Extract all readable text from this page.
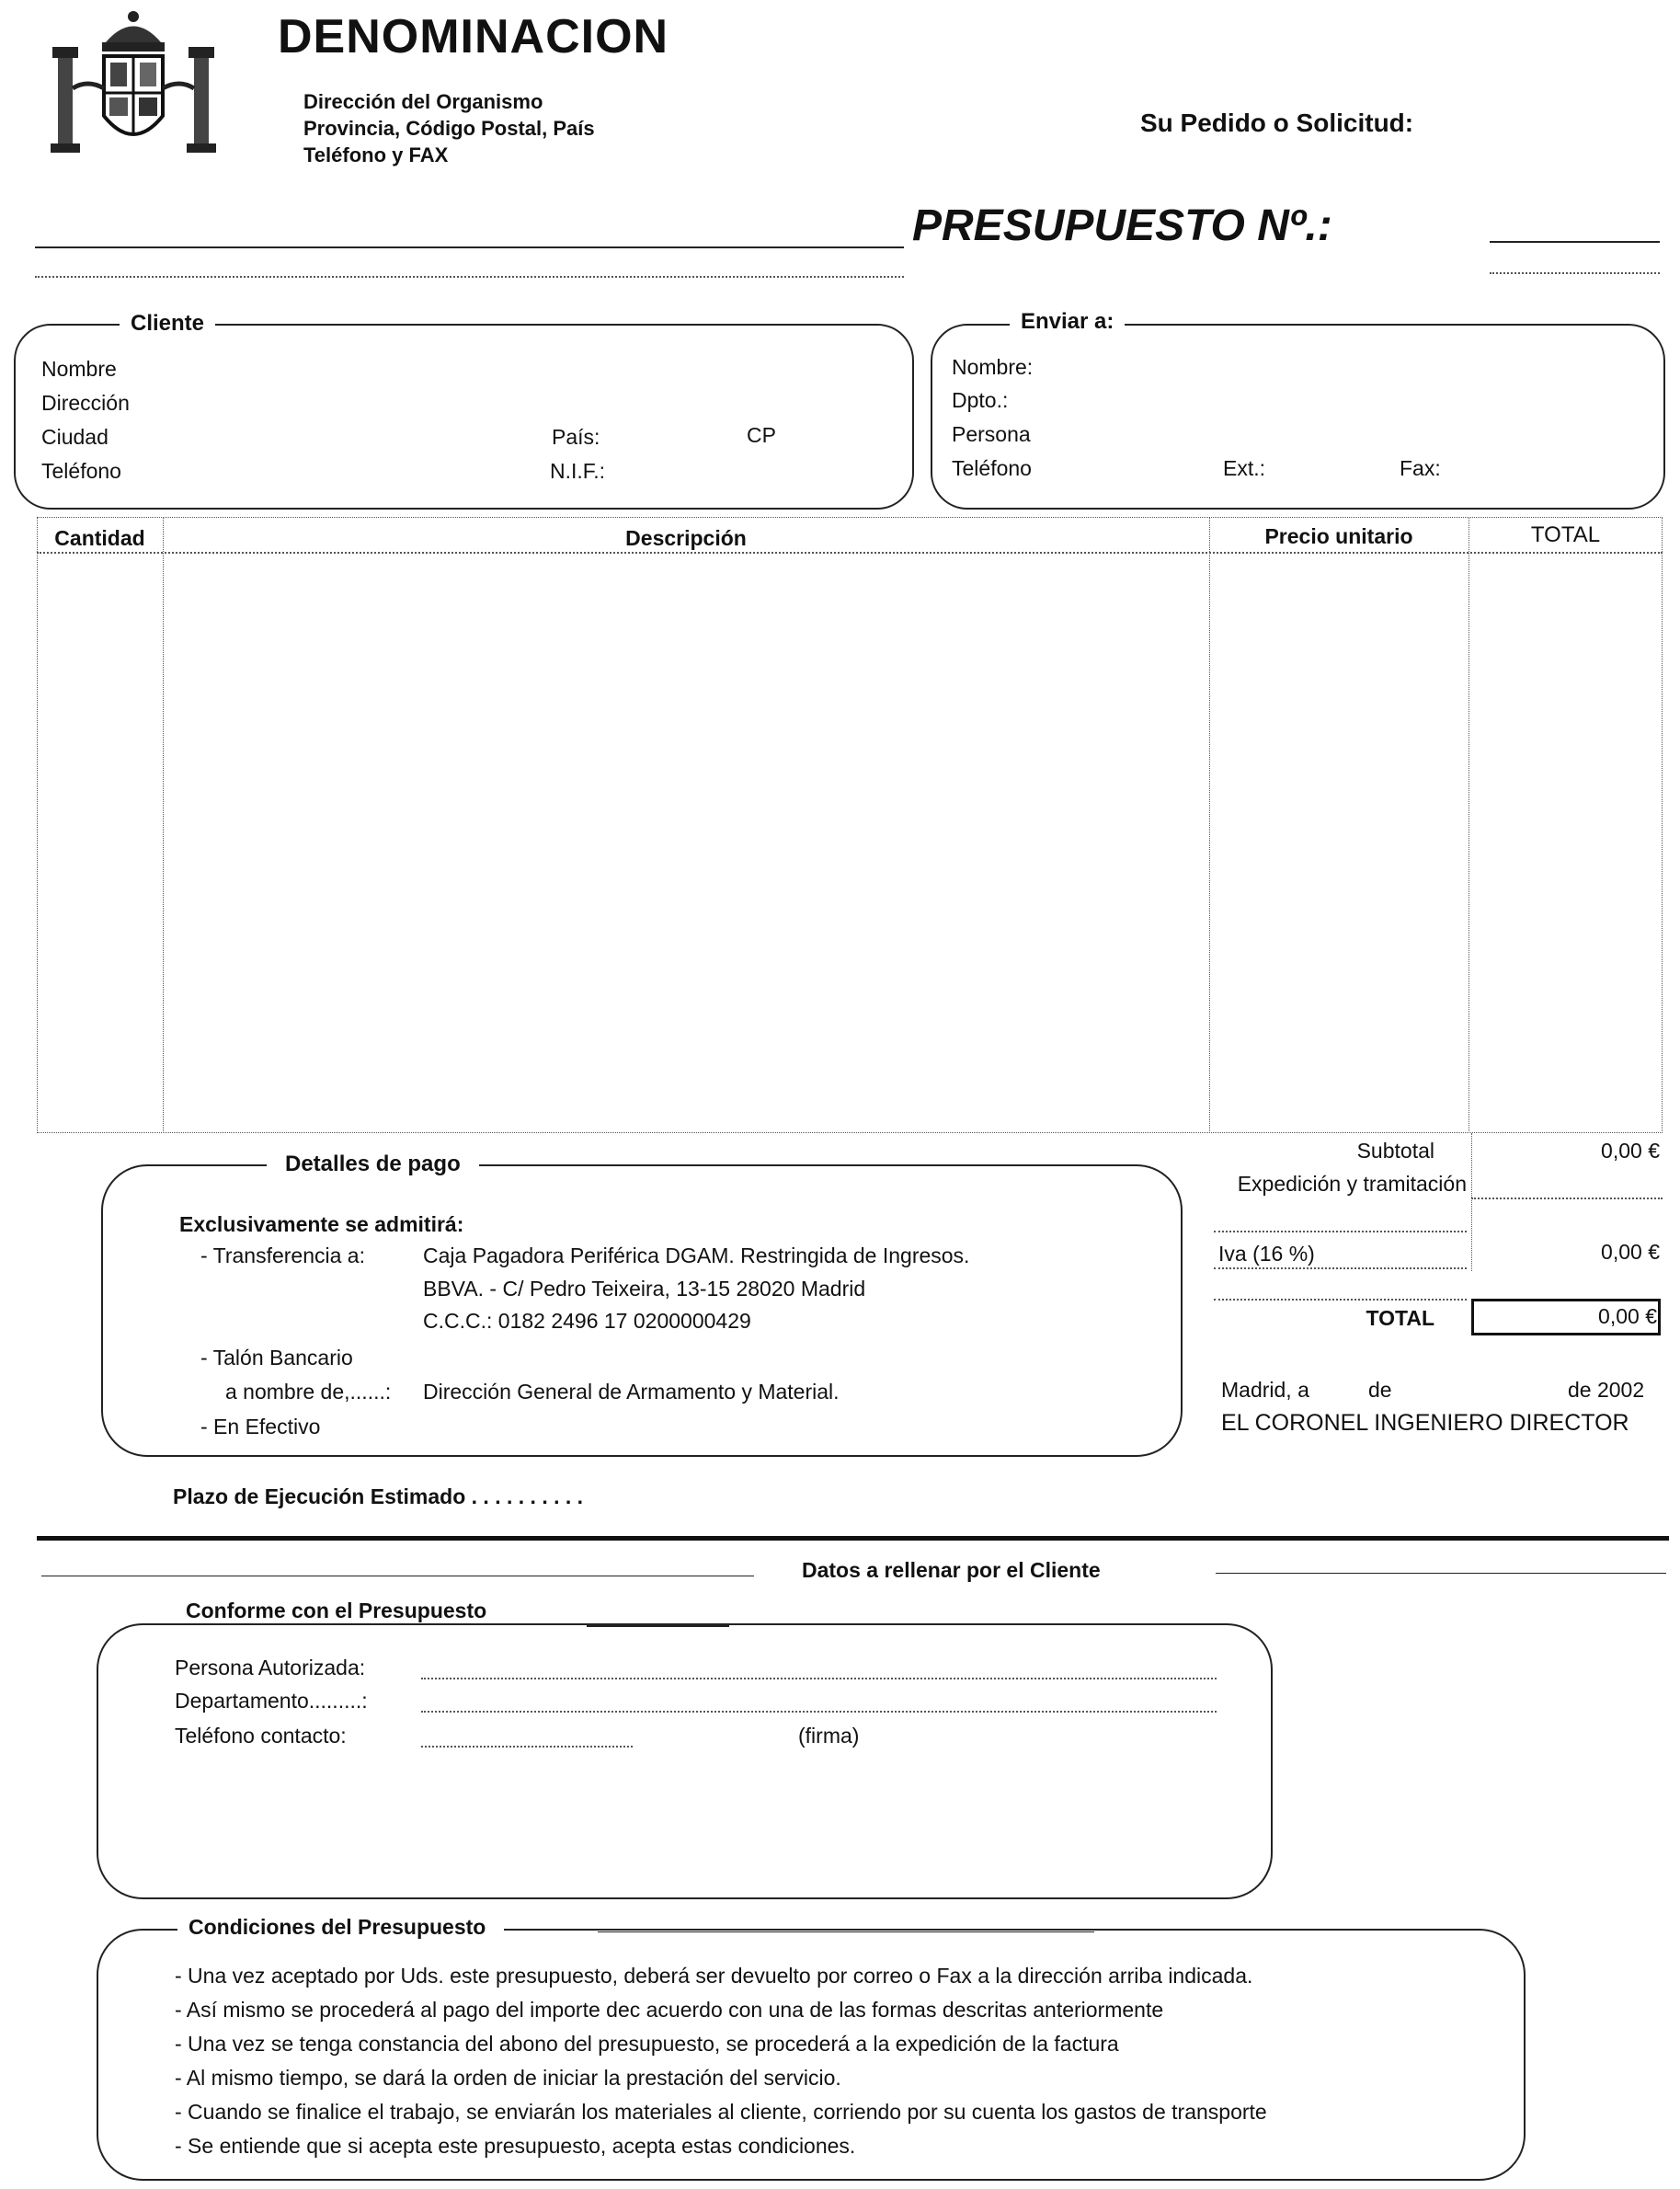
DENOMINACION
Dirección del Organismo
Provincia, Código Postal, País
Teléfono y FAX
Su Pedido o Solicitud:
PRESUPUESTO Nº.:
Cliente
Nombre
Dirección
Ciudad	País:	CP
Teléfono	N.I.F.:
Enviar a:
Nombre:
Dpto.:
Persona
Teléfono	Ext.:	Fax:
Cantidad	Descripción	Precio unitario	TOTAL
Subtotal	0,00 €
Expedición y tramitación
Iva (16 %)	0,00 €
TOTAL	0,00 €
Madrid, a	de	de 2002
EL CORONEL INGENIERO DIRECTOR
Detalles de pago
Exclusivamente se admitirá:
- Transferencia a:	Caja Pagadora Periférica DGAM. Restringida de Ingresos.
BBVA. - C/ Pedro Teixeira, 13-15 28020 Madrid
C.C.C.: 0182 2496 17 0200000429
- Talón Bancario
a nombre de,......: Dirección General de Armamento y Material.
- En Efectivo
Plazo de Ejecución Estimado . . . . . . . . . .
Datos a rellenar por el Cliente
Conforme con el Presupuesto
Persona Autorizada:
Departamento.........:
Teléfono contacto:	(firma)
Condiciones del Presupuesto
- Una vez aceptado por Uds. este presupuesto, deberá ser devuelto por correo o Fax a la dirección arriba indicada.
- Así mismo se procederá al pago del importe dec acuerdo con una de las formas descritas anteriormente
- Una vez se tenga constancia del abono del presupuesto, se procederá a la expedición de la factura
- Al mismo tiempo, se dará la orden de iniciar la prestación del servicio.
- Cuando se finalice el trabajo, se enviarán los materiales al cliente, corriendo por su cuenta los gastos de transporte
- Se entiende que si acepta este presupuesto, acepta estas condiciones.
